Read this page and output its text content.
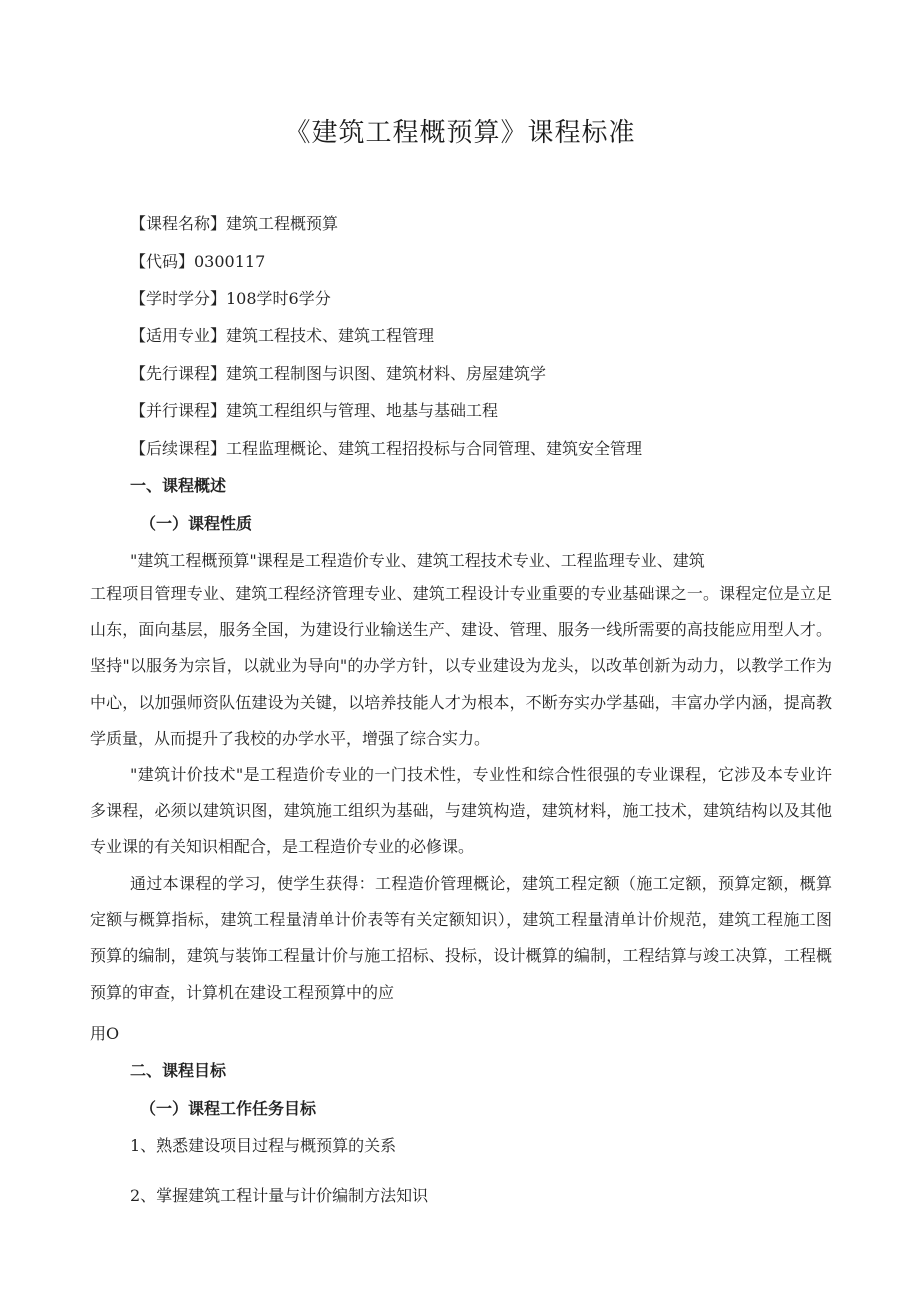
《建筑工程概预算》课程标准
【课程名称】建筑工程概预算
【代码】0300117
【学时学分】108学时6学分
【适用专业】建筑工程技术、建筑工程管理
【先行课程】建筑工程制图与识图、建筑材料、房屋建筑学
【并行课程】建筑工程组织与管理、地基与基础工程
【后续课程】工程监理概论、建筑工程招投标与合同管理、建筑安全管理
一、课程概述
（一）课程性质
"建筑工程概预算"课程是工程造价专业、建筑工程技术专业、工程监理专业、建筑
工程项目管理专业、建筑工程经济管理专业、建筑工程设计专业重要的专业基础课之一。课程定位是立足山东，面向基层，服务全国，为建设行业输送生产、建设、管理、服务一线所需要的高技能应用型人才。坚持"以服务为宗旨，以就业为导向"的办学方针，以专业建设为龙头，以改革创新为动力，以教学工作为中心，以加强师资队伍建设为关键，以培养技能人才为根本，不断夯实办学基础，丰富办学内涵，提高教学质量，从而提升了我校的办学水平，增强了综合实力。
"建筑计价技术"是工程造价专业的一门技术性，专业性和综合性很强的专业课程，它涉及本专业许多课程，必须以建筑识图，建筑施工组织为基础，与建筑构造，建筑材料，施工技术，建筑结构以及其他专业课的有关知识相配合，是工程造价专业的必修课。
通过本课程的学习，使学生获得：工程造价管理概论，建筑工程定额（施工定额，预算定额，概算定额与概算指标，建筑工程量清单计价表等有关定额知识），建筑工程量清单计价规范，建筑工程施工图预算的编制，建筑与装饰工程量计价与施工招标、投标，设计概算的编制，工程结算与竣工决算，工程概预算的审查，计算机在建设工程预算中的应
用O
二、课程目标
（一）课程工作任务目标
1、熟悉建设项目过程与概预算的关系
2、掌握建筑工程计量与计价编制方法知识
